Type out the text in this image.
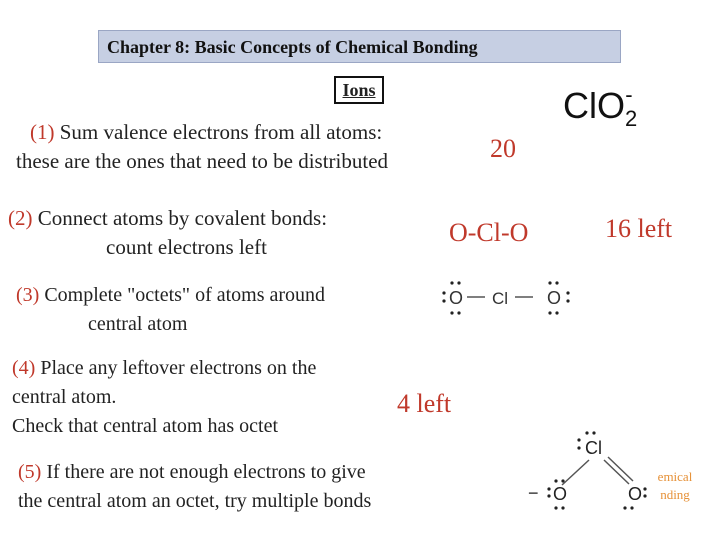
Chapter 8: Basic Concepts of Chemical Bonding
Ions	ClO$_2$-
(1) Sum valence electrons from all atoms:
these are the ones that need to be distributed	20
(2) Connect atoms by covalent bonds:
count electrons left	O-Cl-O	16 left
(3) Complete "octets" of atoms around
central atom
O Cl O
(4) Place any leftover electrons on the
central atom.
Check that central atom has octet
4 left
(5) If there are not enough electrons to give
the central atom an octet, try multiple bonds
Cl
− O	O
emical
nding
